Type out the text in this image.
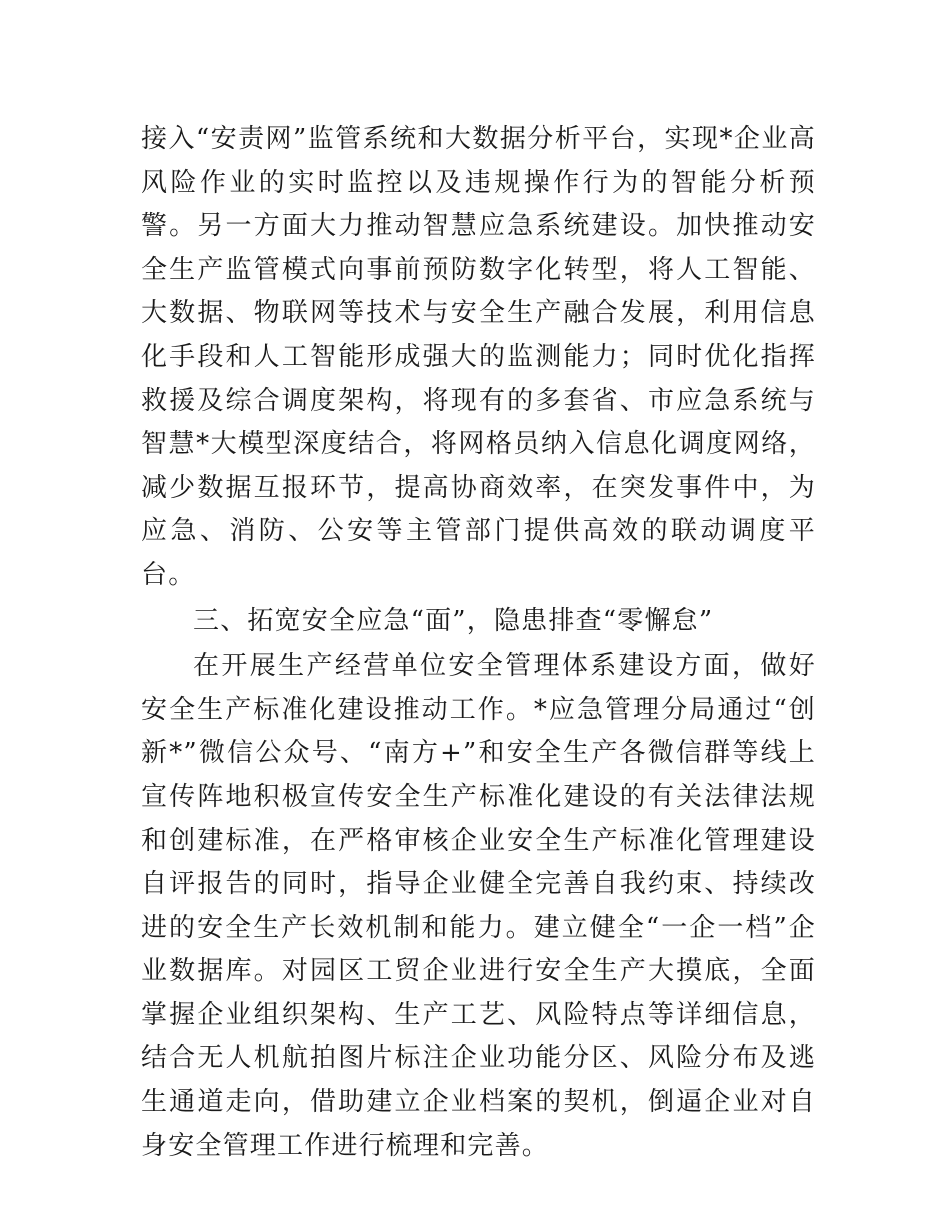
接入“安责网”监管系统和大数据分析平台，实现*企业高风险作业的实时监控以及违规操作行为的智能分析预警。另一方面大力推动智慧应急系统建设。加快推动安全生产监管模式向事前预防数字化转型，将人工智能、大数据、物联网等技术与安全生产融合发展，利用信息化手段和人工智能形成强大的监测能力；同时优化指挥救援及综合调度架构，将现有的多套省、市应急系统与智慧*大模型深度结合，将网格员纳入信息化调度网络，减少数据互报环节，提高协商效率，在突发事件中，为应急、消防、公安等主管部门提供高效的联动调度平台。

三、拓宽安全应急“面”，隐患排查“零懈怠”

在开展生产经营单位安全管理体系建设方面，做好安全生产标准化建设推动工作。*应急管理分局通过“创新*”微信公众号、“南方+”和安全生产各微信群等线上宣传阵地积极宣传安全生产标准化建设的有关法律法规和创建标准，在严格审核企业安全生产标准化管理建设自评报告的同时，指导企业健全完善自我约束、持续改进的安全生产长效机制和能力。建立健全“一企一档”企业数据库。对园区工贸企业进行安全生产大摸底，全面掌握企业组织架构、生产工艺、风险特点等详细信息，结合无人机航拍图片标注企业功能分区、风险分布及逃生通道走向，借助建立企业档案的契机，倒逼企业对自身安全管理工作进行梳理和完善。
